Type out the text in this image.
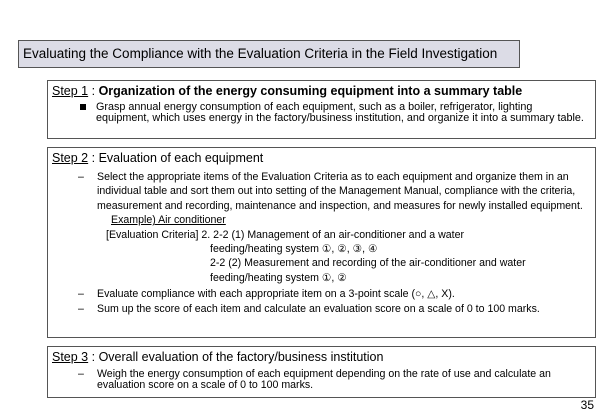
Evaluating the Compliance with the Evaluation Criteria in the Field Investigation
Step 1 : Organization of the energy consuming equipment into a summary table
Grasp annual energy consumption of each equipment, such as a boiler, refrigerator, lighting equipment, which uses energy in the factory/business institution, and organize it into a summary table.
Step 2 : Evaluation of each equipment
– Select the appropriate items of the Evaluation Criteria as to each equipment and organize them in an individual table and sort them out into setting of the Management Manual, compliance with the criteria, measurement and recording, maintenance and inspection, and measures for newly installed equipment.
Example) Air conditioner
[Evaluation Criteria] 2. 2-2 (1) Management of an air-conditioner and a water
feeding/heating system ①, ②, ③, ④
2-2 (2) Measurement and recording of the air-conditioner and water
feeding/heating system ①, ②
– Evaluate compliance with each appropriate item on a 3-point scale (○, △, X).
– Sum up the score of each item and calculate an evaluation score on a scale of 0 to 100 marks.
Step 3 : Overall evaluation of the factory/business institution
– Weigh the energy consumption of each equipment depending on the rate of use and calculate an evaluation score on a scale of 0 to 100 marks.
35
